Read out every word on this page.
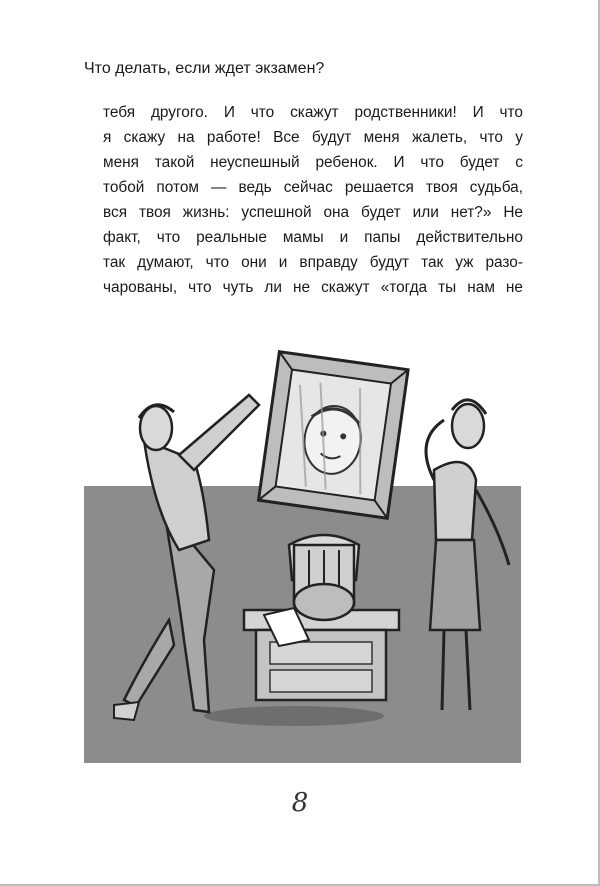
Что делать, если ждет экзамен?
тебя другого. И что скажут родственники! И что
я скажу на работе! Все будут меня жалеть, что у
меня такой неуспешный ребенок. И что будет с
тобой потом — ведь сейчас решается твоя судьба,
вся твоя жизнь: успешной она будет или нет?» Не
факт, что реальные мамы и папы действительно
так думают, что они и вправду будут так уж разо-
чарованы, что чуть ли не скажут «тогда ты нам не
8
